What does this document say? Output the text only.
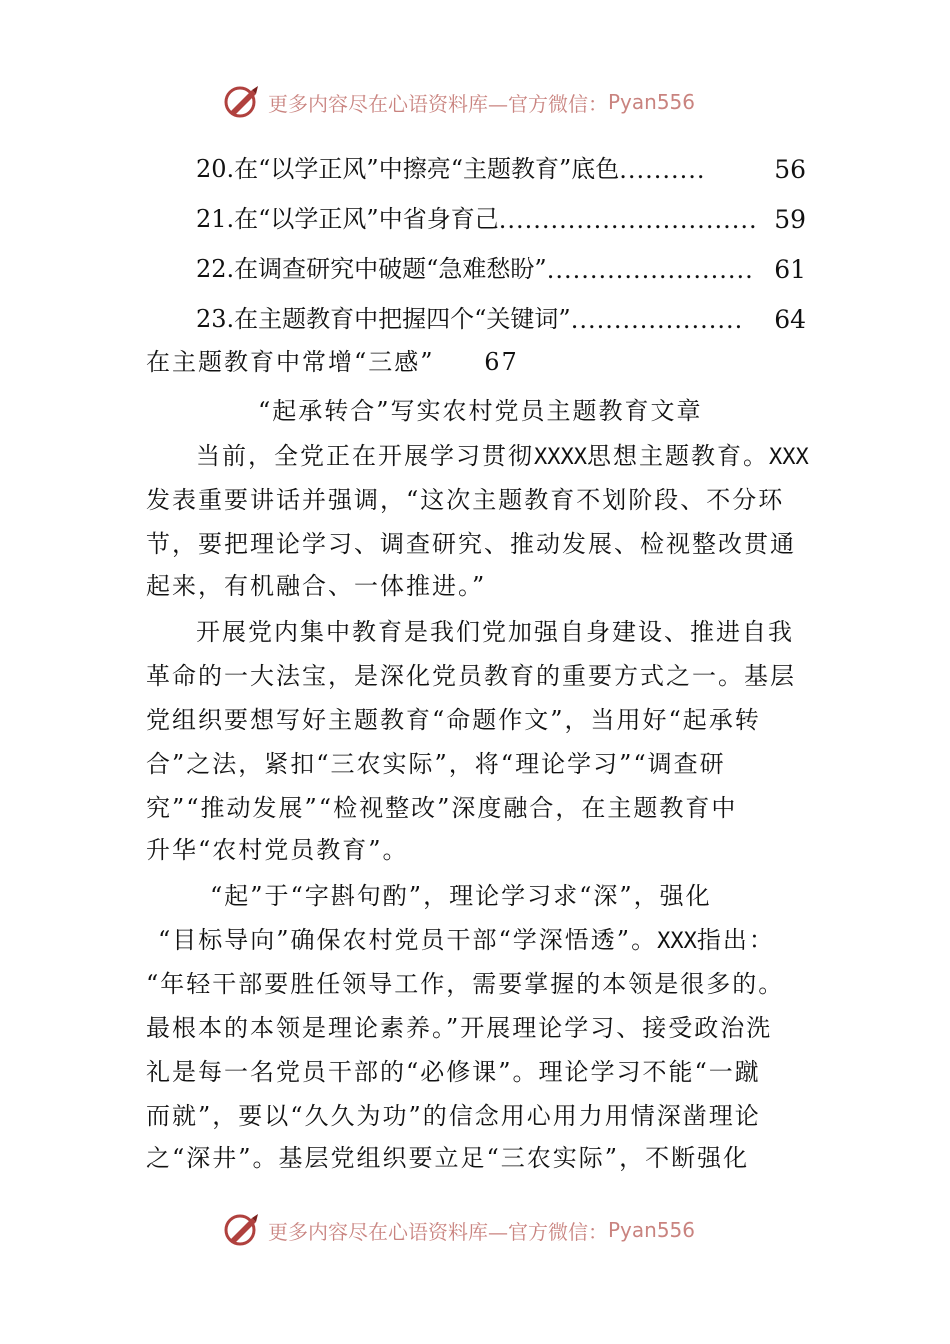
更多内容尽在心语资料库—官方微信： Pyan556
20.在“以学正风”中擦亮“主题教育”底色 ..........	56
21.在“以学正风”中省身育己 .............................. 59
22.在调查研究中破题“急难愁盼” ........................ 61
23.在主题教育中把握四个“关键词” ....................	64
在主题教育中常增“三感” 67
“起承转合”写实农村党员主题教育文章
当前，全党正在开展学习贯彻XXXX思想主题教育。XXX
发表重要讲话并强调，“这次主题教育不划阶段、不分环
节，要把理论学习、调查研究、推动发展、检视整改贯通
起来，有机融合、一体推进。”
开展党内集中教育是我们党加强自身建设、推进自我
革命的一大法宝，是深化党员教育的重要方式之一。基层
党组织要想写好主题教育“命题作文”，当用好“起承转
合”之法，紧扣“三农实际”，将“理论学习”“调查研
究”“推动发展”“检视整改”深度融合，在主题教育中
升华“农村党员教育”。
“起”于“字斟句酌”，理论学习求“深”，强化
“目标导向”确保农村党员干部“学深悟透”。XXX指出：
“年轻干部要胜任领导工作，需要掌握的本领是很多的。
最根本的本领是理论素养。”开展理论学习、接受政治洗
礼是每一名党员干部的“必修课”。理论学习不能“一蹴
而就”，要以“久久为功”的信念用心用力用情深凿理论
之“深井”。基层党组织要立足“三农实际”，不断强化
更多内容尽在心语资料库—官方微信： Pyan556
